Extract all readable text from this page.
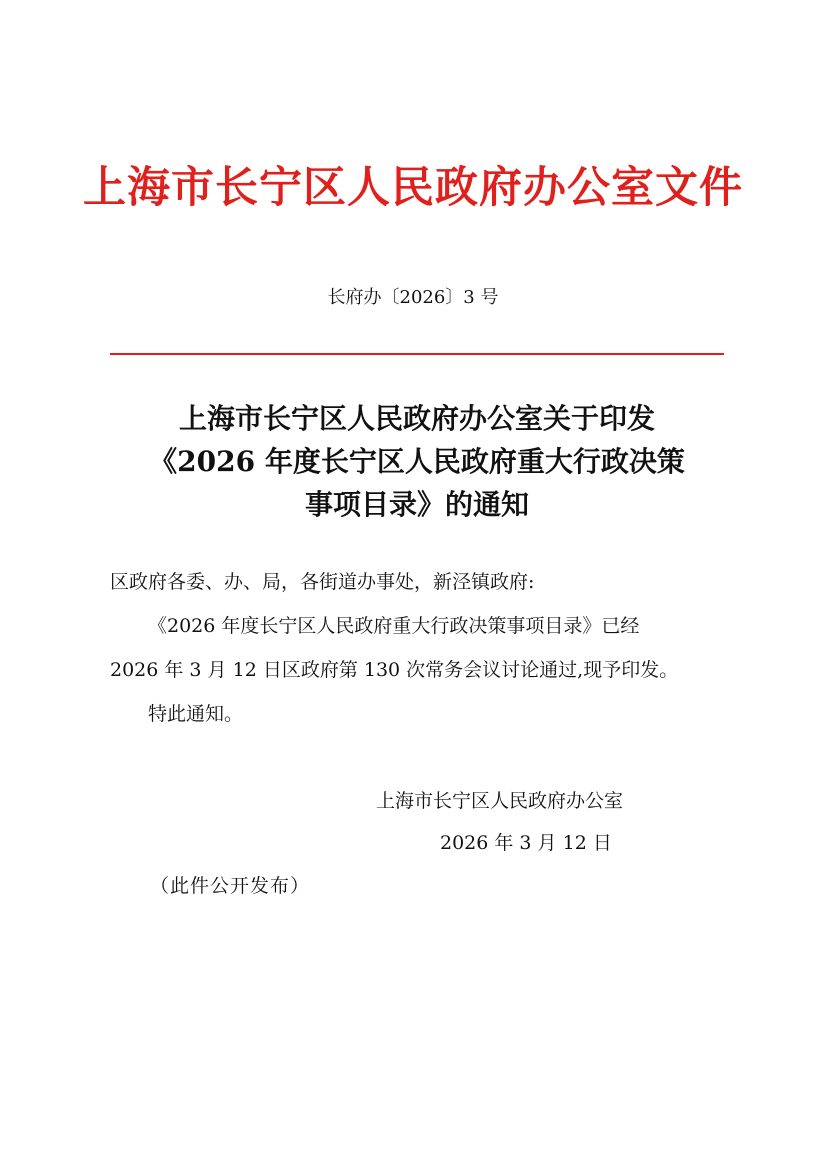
上海市长宁区人民政府办公室文件
长府办〔2026〕3 号
上海市长宁区人民政府办公室关于印发
《2026 年度长宁区人民政府重大行政决策
事项目录》的通知
区政府各委、办、局，各街道办事处，新泾镇政府:
《2026 年度长宁区人民政府重大行政决策事项目录》已经
2026 年 3 月 12 日区政府第 130 次常务会议讨论通过,现予印发。
特此通知。
上海市长宁区人民政府办公室
2026 年 3 月 12 日
（此件公开发布）
